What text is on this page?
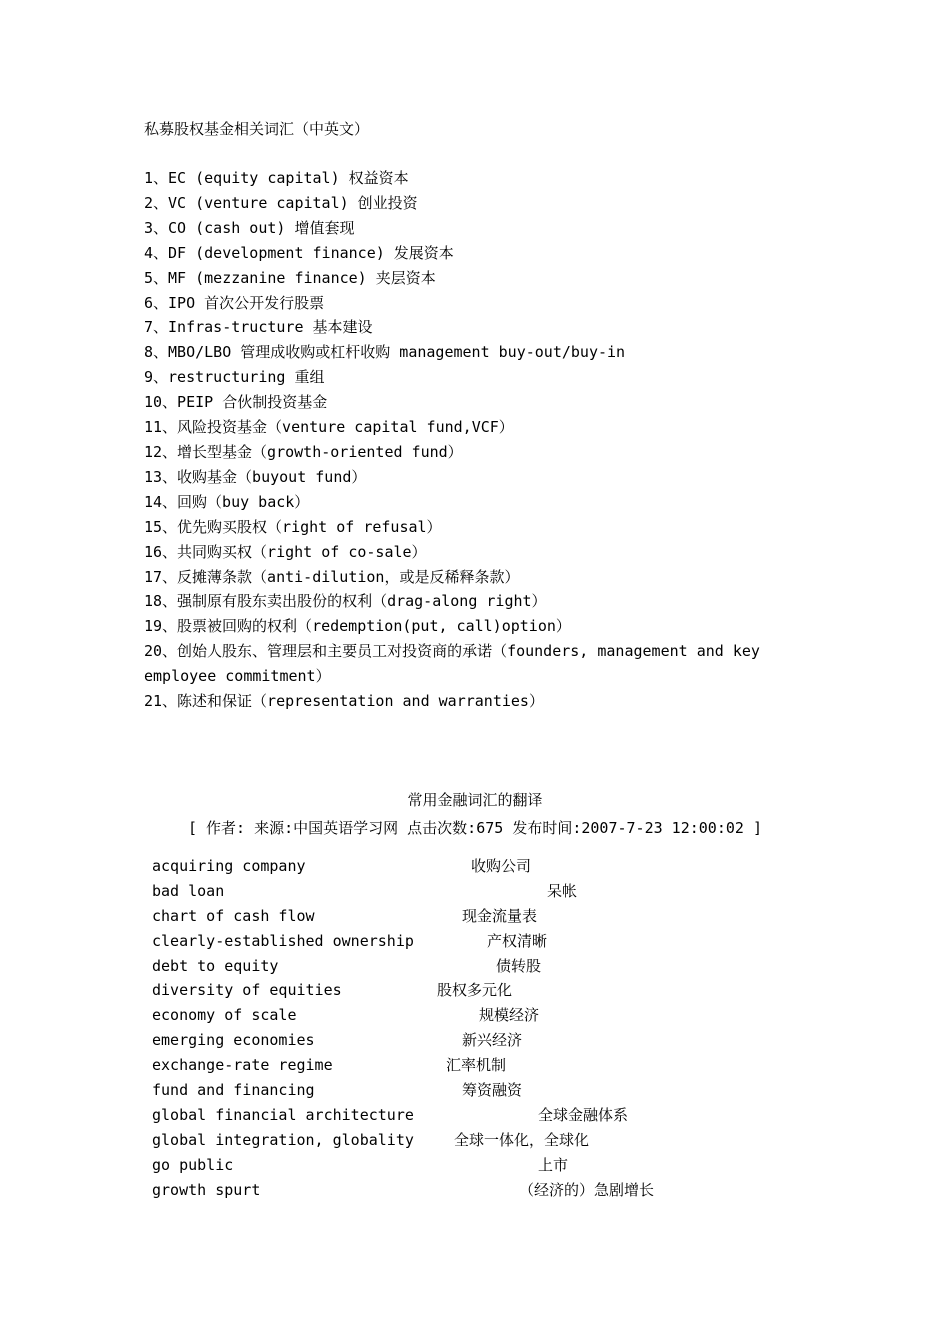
私募股权基金相关词汇（中英文）
1、EC (equity capital) 权益资本
2、VC (venture capital) 创业投资
3、CO (cash out) 增值套现
4、DF (development finance) 发展资本
5、MF (mezzanine finance) 夹层资本
6、IPO 首次公开发行股票
7、Infras-tructure 基本建设
8、MBO/LBO 管理成收购或杠杆收购 management buy-out/buy-in
9、restructuring 重组
10、PEIP 合伙制投资基金
11、风险投资基金（venture capital fund,VCF）
12、增长型基金（growth-oriented fund）
13、收购基金（buyout fund）
14、回购（buy back）
15、优先购买股权（right of refusal）
16、共同购买权（right of co-sale）
17、反摊薄条款（anti-dilution，或是反稀释条款）
18、强制原有股东卖出股份的权利（drag-along right）
19、股票被回购的权利（redemption(put, call)option）
20、创始人股东、管理层和主要员工对投资商的承诺（founders, management and key employee commitment）
21、陈述和保证（representation and warranties）
常用金融词汇的翻译
[ 作者: 来源:中国英语学习网 点击次数:675 发布时间:2007-7-23 12:00:02 ]
acquiring company	收购公司
bad loan	呆帐
chart of cash flow	现金流量表
clearly-established ownership	产权清晰
debt to equity	债转股
diversity of equities	股权多元化
economy of scale	规模经济
emerging economies	新兴经济
exchange-rate regime	汇率机制
fund and financing	筹资融资
global financial architecture	全球金融体系
global integration, globality	全球一体化，全球化
go public	上市
growth spurt	（经济的）急剧增长
